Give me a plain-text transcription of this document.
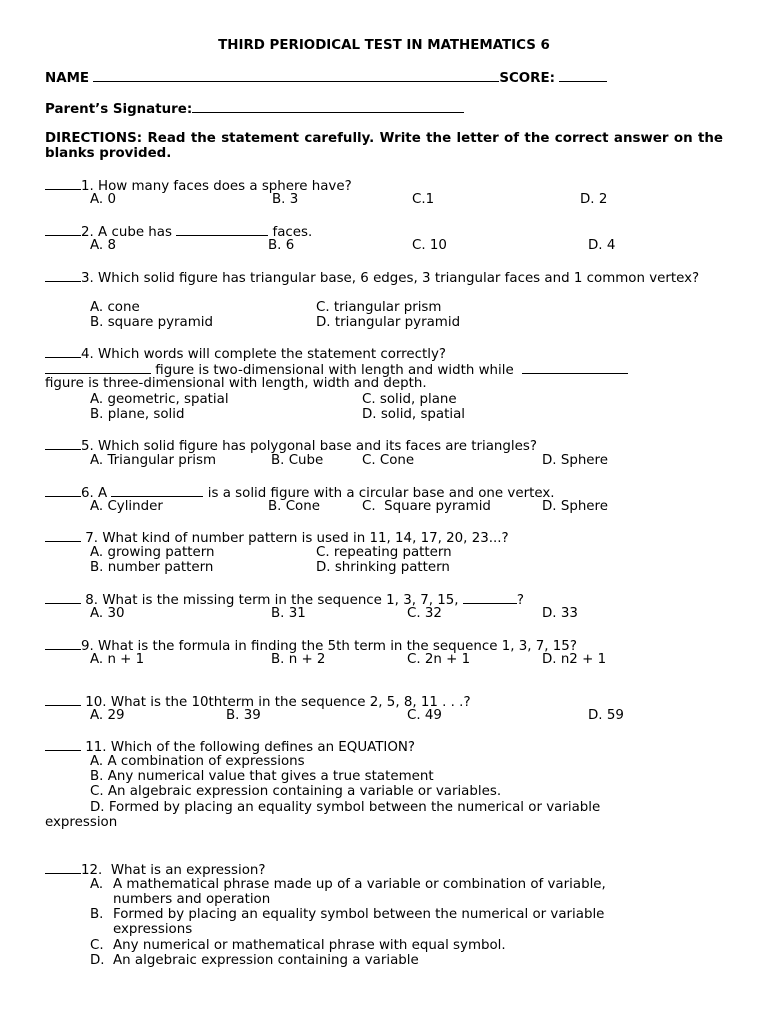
THIRD PERIODICAL TEST IN MATHEMATICS 6
NAME	SCORE:
Parent’s Signature:
DIRECTIONS: Read the statement carefully. Write the letter of the correct answer on the blanks provided.
1. How many faces does a sphere have?
A. 0	B. 3	C.1	D. 2
2. A cube has	faces.
A. 8	B. 6	C. 10	D. 4
3. Which solid figure has triangular base, 6 edges, 3 triangular faces and 1 common vertex?
A. cone	C. triangular prism
B. square pyramid	D. triangular pyramid
4. Which words will complete the statement correctly?
figure is two-dimensional with length and width while
figure is three-dimensional with length, width and depth.
A. geometric, spatial	C. solid, plane
B. plane, solid	D. solid, spatial
5. Which solid figure has polygonal base and its faces are triangles?
A. Triangular prism	B. Cube	C. Cone	D. Sphere
6. A	is a solid figure with a circular base and one vertex.
A. Cylinder	B. Cone	C.  Square pyramid	D. Sphere
7. What kind of number pattern is used in 11, 14, 17, 20, 23...?
A. growing pattern	C. repeating pattern
B. number pattern	D. shrinking pattern
8. What is the missing term in the sequence 1, 3, 7, 15,	?
A. 30	B. 31	C. 32	D. 33
9. What is the formula in finding the 5th term in the sequence 1, 3, 7, 15?
A. n + 1	B. n + 2	C. 2n + 1	D. n2 + 1
10. What is the 10thterm in the sequence 2, 5, 8, 11 . . .?
A. 29	B. 39	C. 49	D. 59
11. Which of the following defines an EQUATION?
A. A combination of expressions
B. Any numerical value that gives a true statement
C. An algebraic expression containing a variable or variables.
D. Formed by placing an equality symbol between the numerical or variable
expression
12. What is an expression?
A. A mathematical phrase made up of a variable or combination of variable,
numbers and operation
B. Formed by placing an equality symbol between the numerical or variable
expressions
C. Any numerical or mathematical phrase with equal symbol.
D. An algebraic expression containing a variable
